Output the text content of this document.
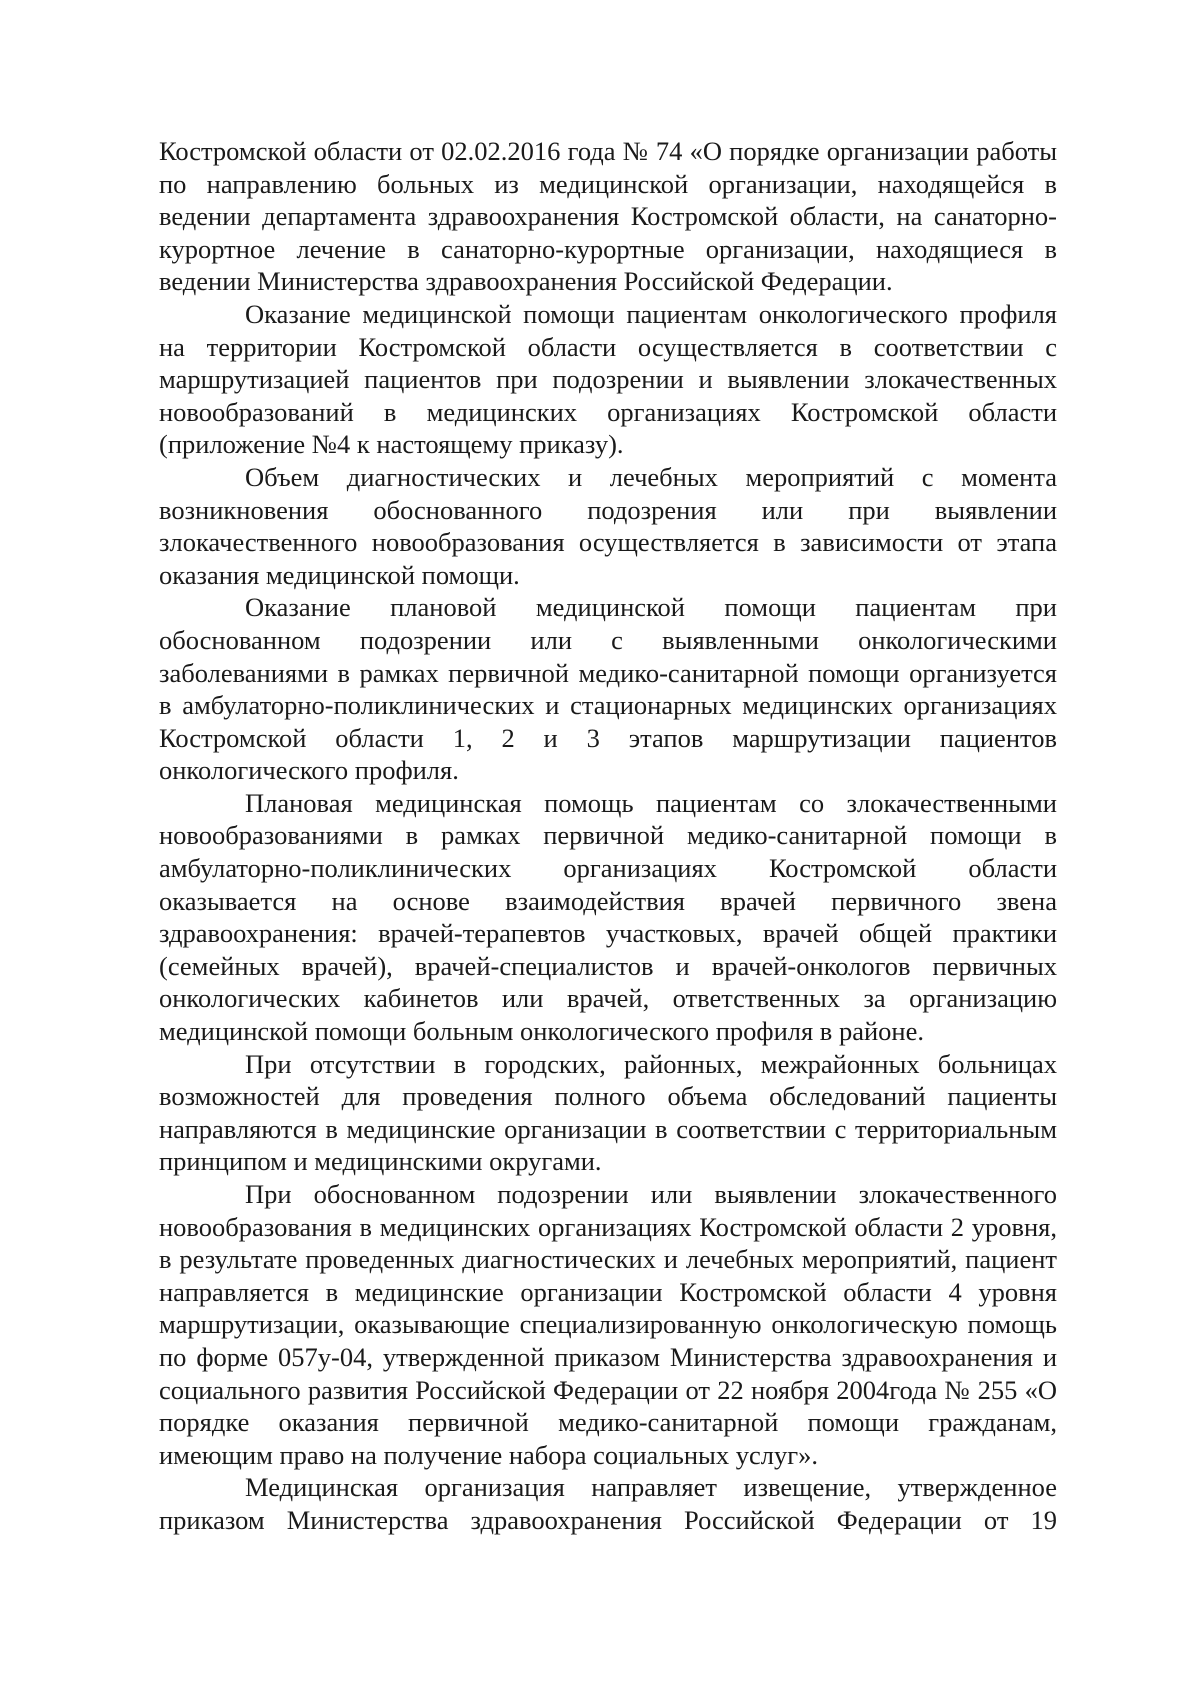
Костромской области от 02.02.2016 года № 74 «О порядке организации работы по направлению больных из медицинской организации, находящейся в ведении департамента здравоохранения Костромской области, на санаторно-курортное лечение в санаторно-курортные организации, находящиеся в ведении Министерства здравоохранения Российской Федерации.

Оказание медицинской помощи пациентам онкологического профиля на территории Костромской области осуществляется в соответствии с маршрутизацией пациентов при подозрении и выявлении злокачественных новообразований в медицинских организациях Костромской области (приложение №4 к настоящему приказу).

Объем диагностических и лечебных мероприятий с момента возникновения обоснованного подозрения или при выявлении злокачественного новообразования осуществляется в зависимости от этапа оказания медицинской помощи.

Оказание плановой медицинской помощи пациентам при обоснованном подозрении или с выявленными онкологическими заболеваниями в рамках первичной медико-санитарной помощи организуется в амбулаторно-поликлинических и стационарных медицинских организациях Костромской области 1, 2 и 3 этапов маршрутизации пациентов онкологического профиля.

Плановая медицинская помощь пациентам со злокачественными новообразованиями в рамках первичной медико-санитарной помощи в амбулаторно-поликлинических организациях Костромской области оказывается на основе взаимодействия врачей первичного звена здравоохранения: врачей-терапевтов участковых, врачей общей практики (семейных врачей), врачей-специалистов и врачей-онкологов первичных онкологических кабинетов или врачей, ответственных за организацию медицинской помощи больным онкологического профиля в районе.

При отсутствии в городских, районных, межрайонных больницах возможностей для проведения полного объема обследований пациенты направляются в медицинские организации в соответствии с территориальным принципом и медицинскими округами.

При обоснованном подозрении или выявлении злокачественного новообразования в медицинских организациях Костромской области 2 уровня, в результате проведенных диагностических и лечебных мероприятий, пациент направляется в медицинские организации Костромской области 4 уровня маршрутизации, оказывающие специализированную онкологическую помощь по форме 057у-04, утвержденной приказом Министерства здравоохранения и социального развития Российской Федерации от 22 ноября 2004года № 255 «О порядке оказания первичной медико-санитарной помощи гражданам, имеющим право на получение набора социальных услуг».

Медицинская организация направляет извещение, утвержденное приказом Министерства здравоохранения Российской Федерации от 19
